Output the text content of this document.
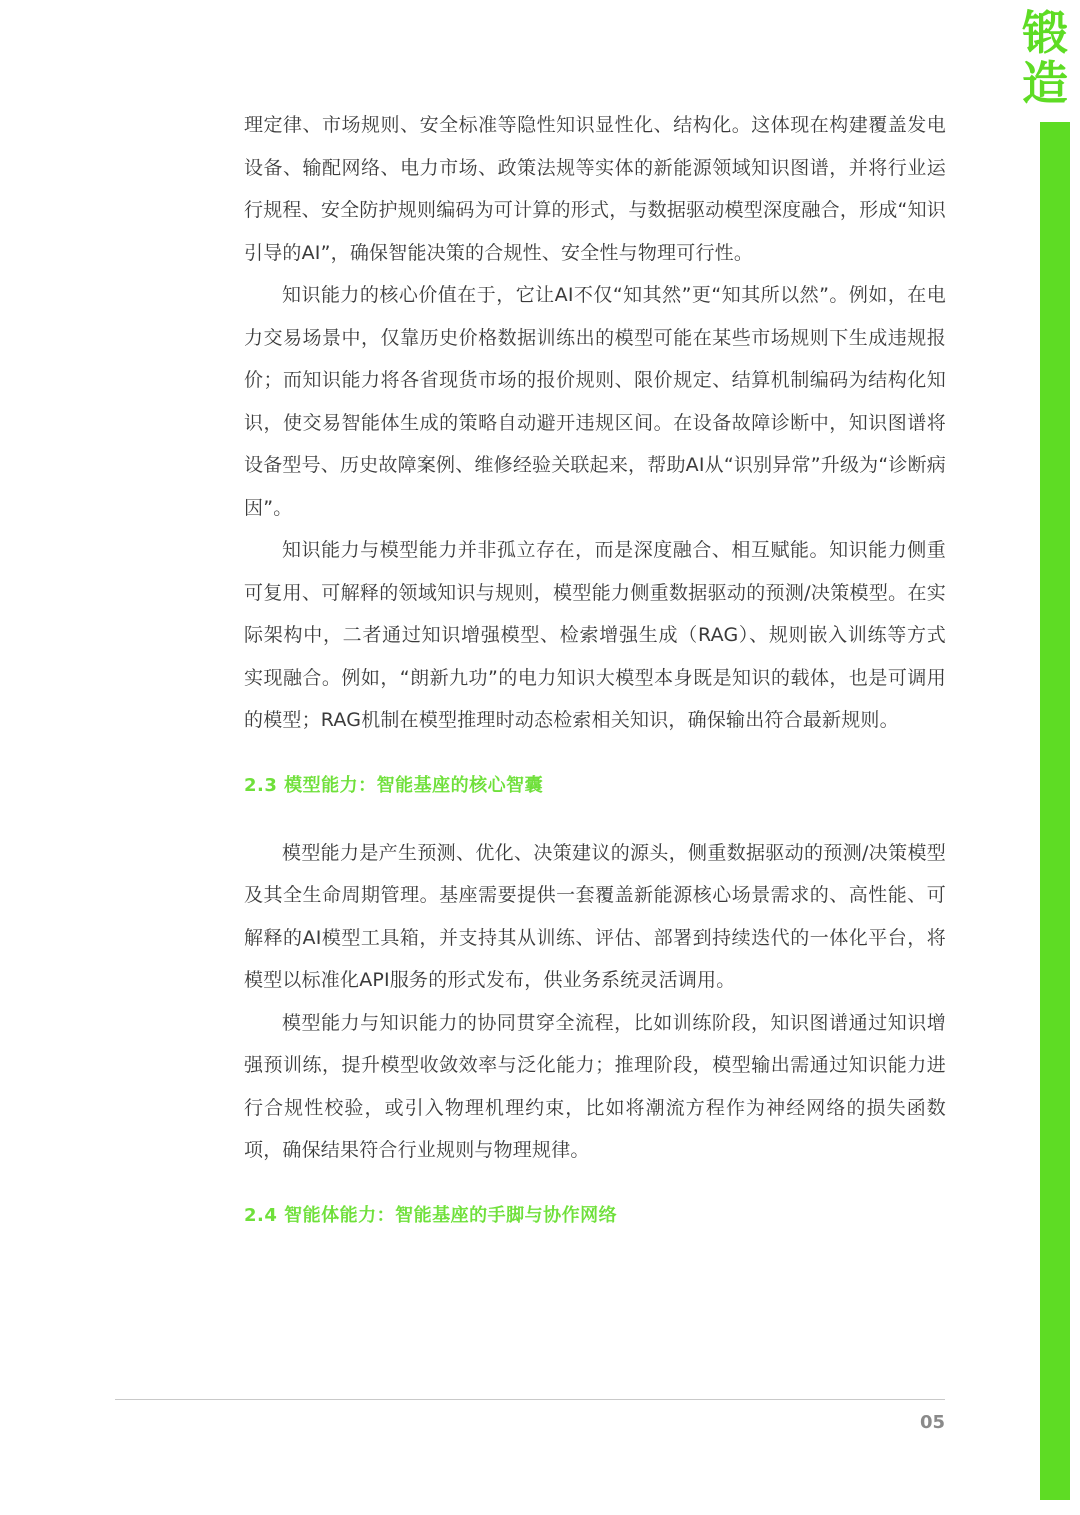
锻
造

理定律、市场规则、安全标准等隐性知识显性化、结构化。这体现在构建覆盖发电设备、输配网络、电力市场、政策法规等实体的新能源领域知识图谱，并将行业运行规程、安全防护规则编码为可计算的形式，与数据驱动模型深度融合，形成“知识引导的AI”，确保智能决策的合规性、安全性与物理可行性。

知识能力的核心价值在于，它让AI不仅“知其然”更“知其所以然”。例如，在电力交易场景中，仅靠历史价格数据训练出的模型可能在某些市场规则下生成违规报价；而知识能力将各省现货市场的报价规则、限价规定、结算机制编码为结构化知识，使交易智能体生成的策略自动避开违规区间。在设备故障诊断中，知识图谱将设备型号、历史故障案例、维修经验关联起来，帮助AI从“识别异常”升级为“诊断病因”。

知识能力与模型能力并非孤立存在，而是深度融合、相互赋能。知识能力侧重可复用、可解释的领域知识与规则，模型能力侧重数据驱动的预测/决策模型。在实际架构中，二者通过知识增强模型、检索增强生成（RAG）、规则嵌入训练等方式实现融合。例如，“朗新九功”的电力知识大模型本身既是知识的载体，也是可调用的模型；RAG机制在模型推理时动态检索相关知识，确保输出符合最新规则。

2.3 模型能力：智能基座的核心智囊

模型能力是产生预测、优化、决策建议的源头，侧重数据驱动的预测/决策模型及其全生命周期管理。基座需要提供一套覆盖新能源核心场景需求的、高性能、可解释的AI模型工具箱，并支持其从训练、评估、部署到持续迭代的一体化平台，将模型以标准化API服务的形式发布，供业务系统灵活调用。

模型能力与知识能力的协同贯穿全流程，比如训练阶段，知识图谱通过知识增强预训练，提升模型收敛效率与泛化能力；推理阶段，模型输出需通过知识能力进行合规性校验，或引入物理机理约束，比如将潮流方程作为神经网络的损失函数项，确保结果符合行业规则与物理规律。

2.4 智能体能力：智能基座的手脚与协作网络
05
